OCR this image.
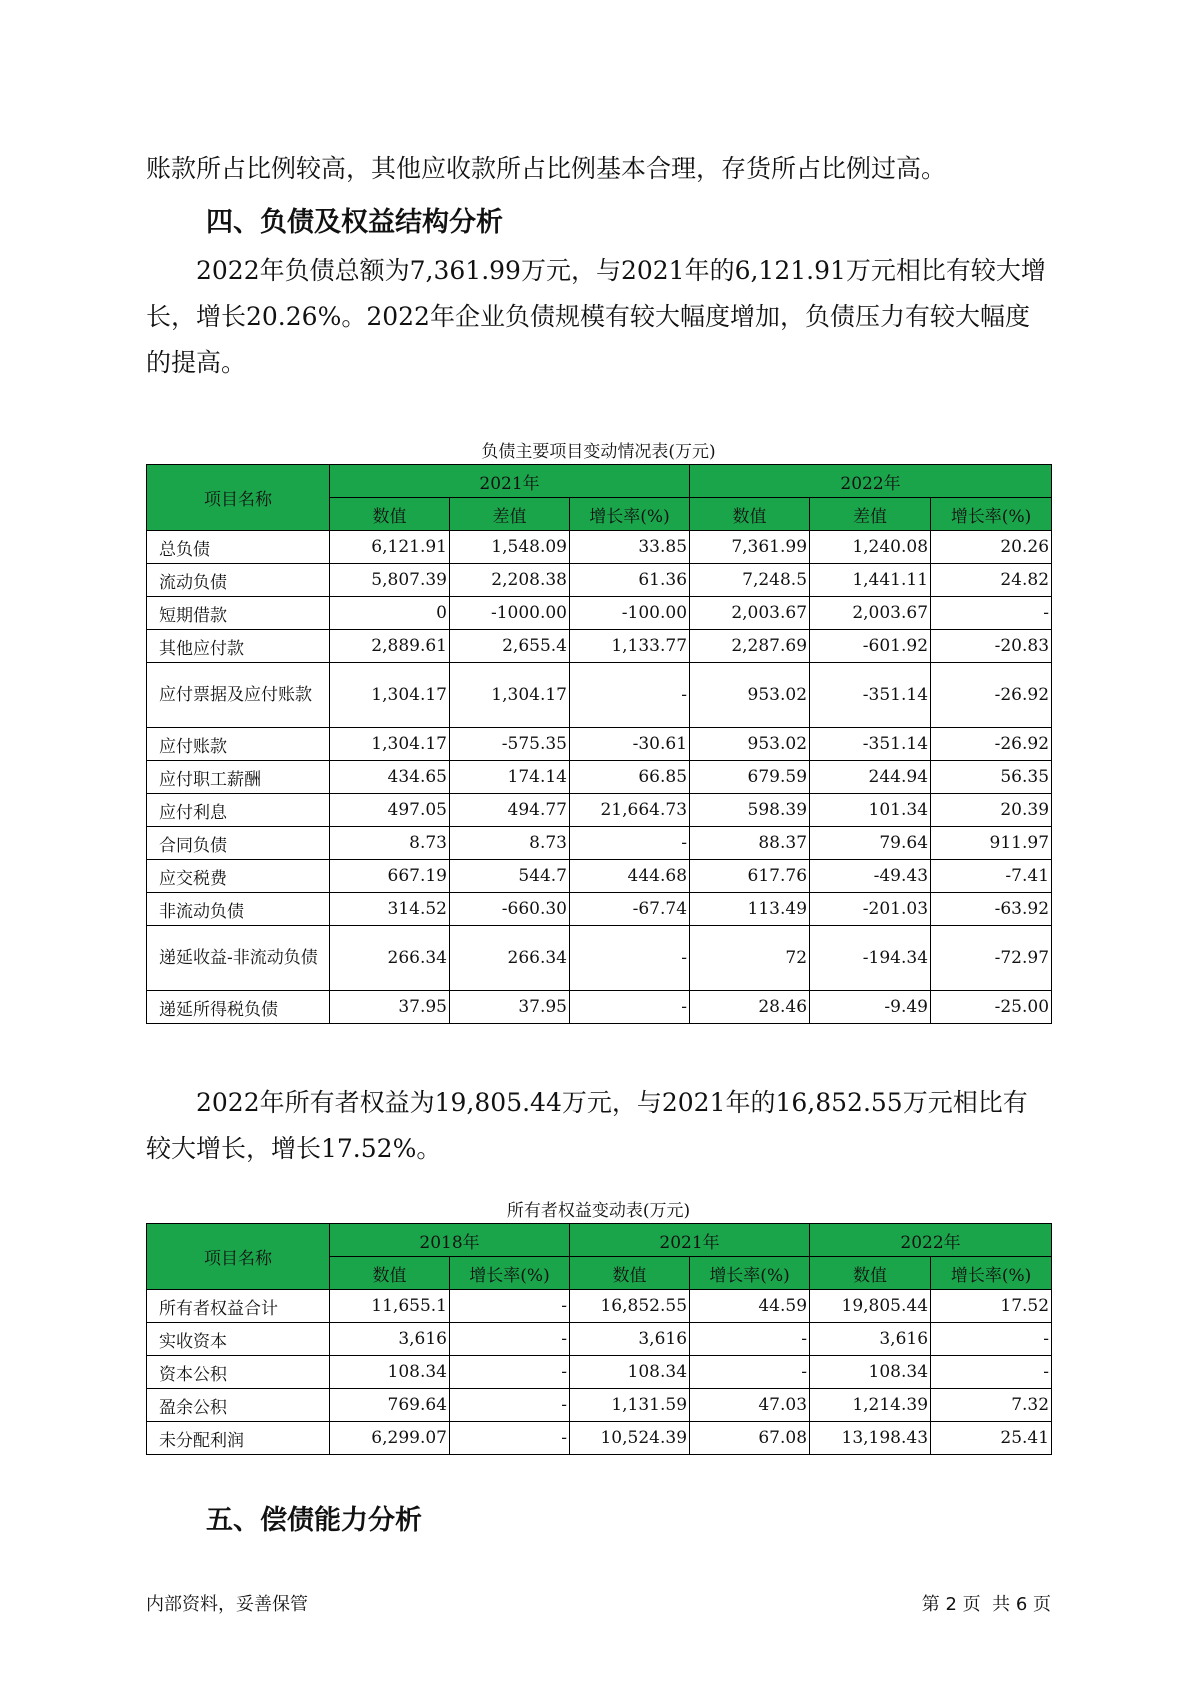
账款所占比例较高，其他应收款所占比例基本合理，存货所占比例过高。

四、负债及权益结构分析

2022年负债总额为7,361.99万元，与2021年的6,121.91万元相比有较大增长，增长20.26%。2022年企业负债规模有较大幅度增加，负债压力有较大幅度的提高。

负债主要项目变动情况表(万元)

项目名称	2021年			2022年		
	数值	差值	增长率(%)	数值	差值	增长率(%)
总负债	6,121.91	1,548.09	33.85	7,361.99	1,240.08	20.26
流动负债	5,807.39	2,208.38	61.36	7,248.5	1,441.11	24.82
短期借款	0	-1000.00	-100.00	2,003.67	2,003.67	-
其他应付款	2,889.61	2,655.4	1,133.77	2,287.69	-601.92	-20.83
应付票据及应付账款	1,304.17	1,304.17	-	953.02	-351.14	-26.92
应付账款	1,304.17	-575.35	-30.61	953.02	-351.14	-26.92
应付职工薪酬	434.65	174.14	66.85	679.59	244.94	56.35
应付利息	497.05	494.77	21,664.73	598.39	101.34	20.39
合同负债	8.73	8.73	-	88.37	79.64	911.97
应交税费	667.19	544.7	444.68	617.76	-49.43	-7.41
非流动负债	314.52	-660.30	-67.74	113.49	-201.03	-63.92
递延收益-非流动负债	266.34	266.34	-	72	-194.34	-72.97
递延所得税负债	37.95	37.95	-	28.46	-9.49	-25.00

2022年所有者权益为19,805.44万元，与2021年的16,852.55万元相比有较大增长，增长17.52%。

所有者权益变动表(万元)

项目名称	2018年		2021年		2022年	
	数值	增长率(%)	数值	增长率(%)	数值	增长率(%)
所有者权益合计	11,655.1	-	16,852.55	44.59	19,805.44	17.52
实收资本	3,616	-	3,616	-	3,616	-
资本公积	108.34	-	108.34	-	108.34	-
盈余公积	769.64	-	1,131.59	47.03	1,214.39	7.32
未分配利润	6,299.07	-	10,524.39	67.08	13,198.43	25.41
五、偿债能力分析
内部资料，妥善保管	第 2 页  共 6 页
